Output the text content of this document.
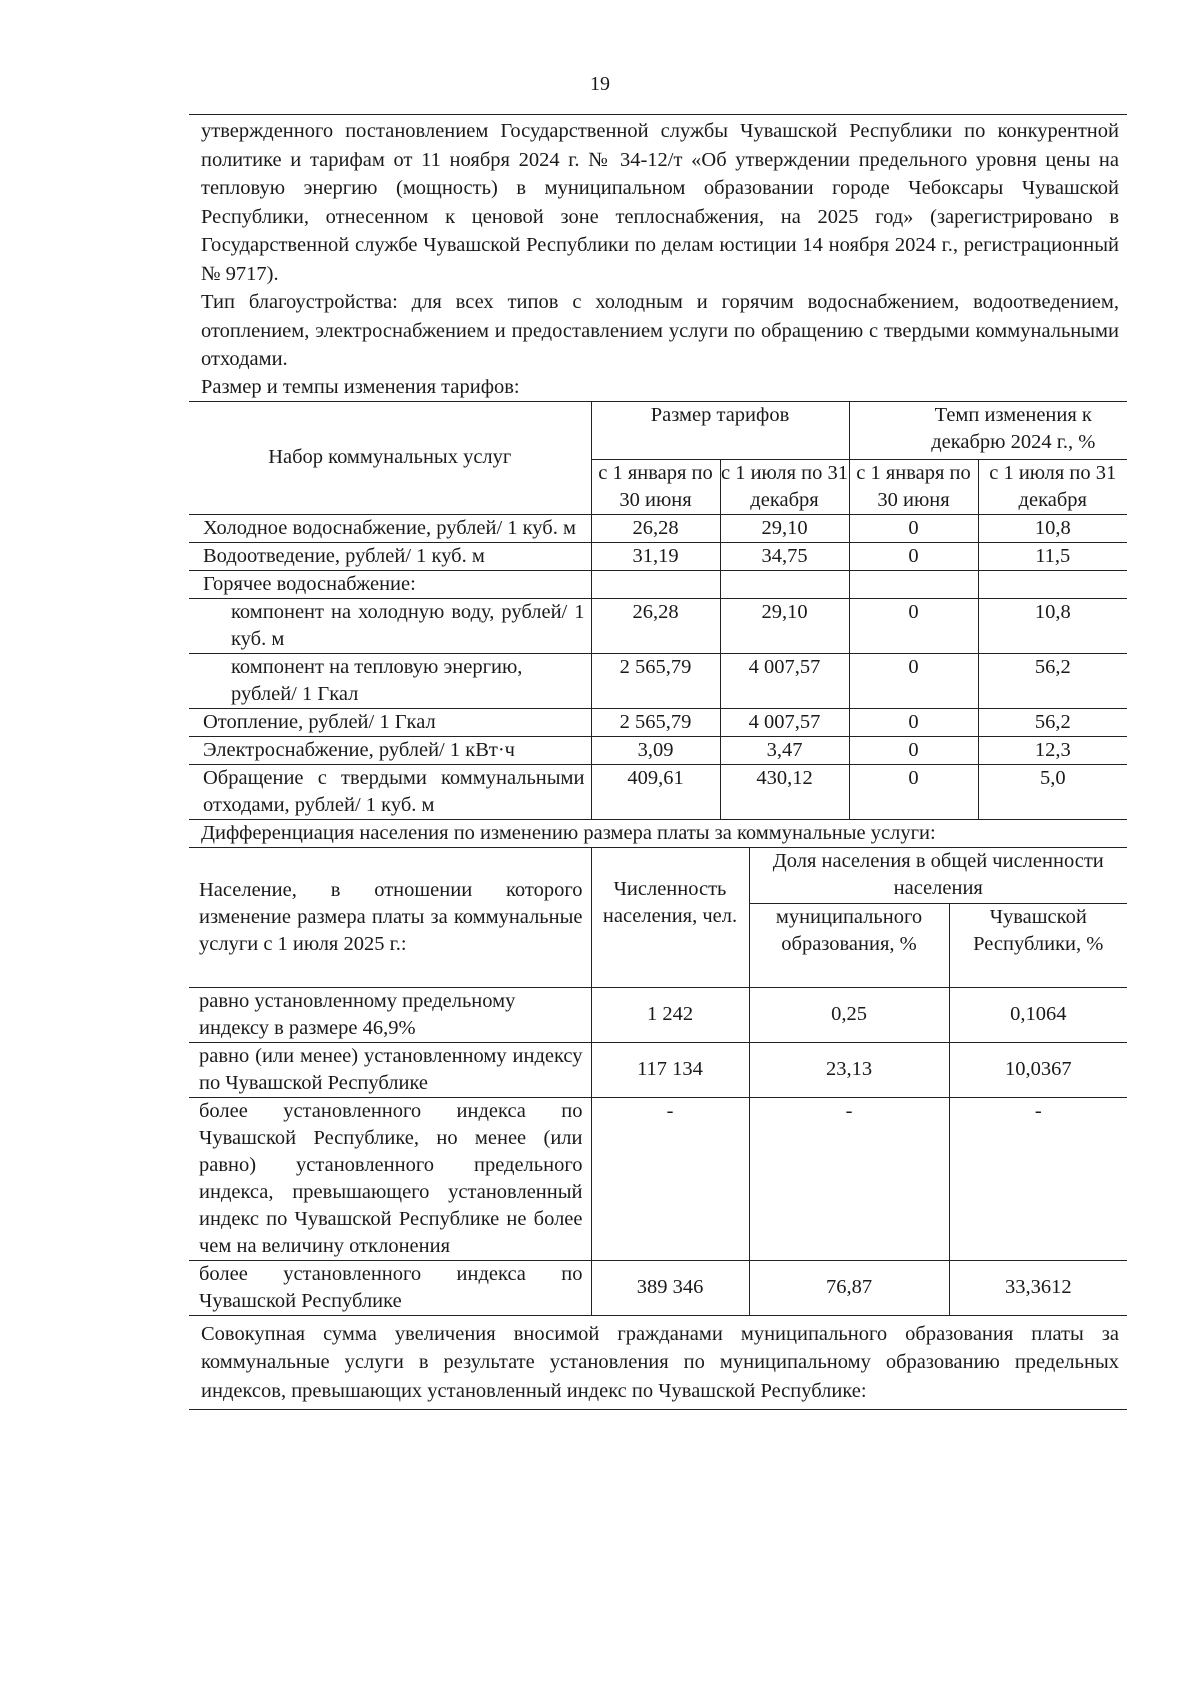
19

утвержденного постановлением Государственной службы Чувашской Республики по конкурентной политике и тарифам от 11 ноября 2024 г. № 34-12/т «Об утверждении предельного уровня цены на тепловую энергию (мощность) в муниципальном образовании городе Чебоксары Чувашской Республики, отнесенном к ценовой зоне теплоснабжения, на 2025 год» (зарегистрировано в Государственной службе Чувашской Республики по делам юстиции 14 ноября 2024 г., регистрационный № 9717).

Тип благоустройства: для всех типов с холодным и горячим водоснабжением, водоотведением, отоплением, электроснабжением и предоставлением услуги по обращению с твердыми коммунальными отходами.

Размер и темпы изменения тарифов:

Набор коммунальных услуг	Размер тарифов		Темп изменения к декабрю 2024 г., %	
	с 1 января по 30 июня	с 1 июля по 31 декабря	с 1 января по 30 июня	с 1 июля по 31 декабря
Холодное водоснабжение, рублей/ 1 куб. м	26,28	29,10	0	10,8
Водоотведение, рублей/ 1 куб. м	31,19	34,75	0	11,5
Горячее водоснабжение:				
компонент на холодную воду, рублей/ 1 куб. м	26,28	29,10	0	10,8
компонент на тепловую энергию, рублей/ 1 Гкал	2 565,79	4 007,57	0	56,2
Отопление, рублей/ 1 Гкал	2 565,79	4 007,57	0	56,2
Электроснабжение, рублей/ 1 кВт·ч	3,09	3,47	0	12,3
Обращение с твердыми коммунальными отходами, рублей/ 1 куб. м	409,61	430,12	0	5,0

Дифференциация населения по изменению размера платы за коммунальные услуги:

Население, в отношении которого изменение размера платы за коммунальные услуги с 1 июля 2025 г.:	Численность населения, чел.	Доля населения в общей численности населения	
		муниципального образования, %	Чувашской Республики, %
равно установленному предельному индексу в размере 46,9%	1 242	0,25	0,1064
равно (или менее) установленному индексу по Чувашской Республике	117 134	23,13	10,0367
более установленного индекса по Чувашской Республике, но менее (или равно) установленного предельного индекса, превышающего установленный индекс по Чувашской Республике не более чем на величину отклонения	-	-	-
более установленного индекса по Чувашской Республике	389 346	76,87	33,3612

Совокупная сумма увеличения вносимой гражданами муниципального образования платы за коммунальные услуги в результате установления по муниципальному образованию предельных индексов, превышающих установленный индекс по Чувашской Республике:
